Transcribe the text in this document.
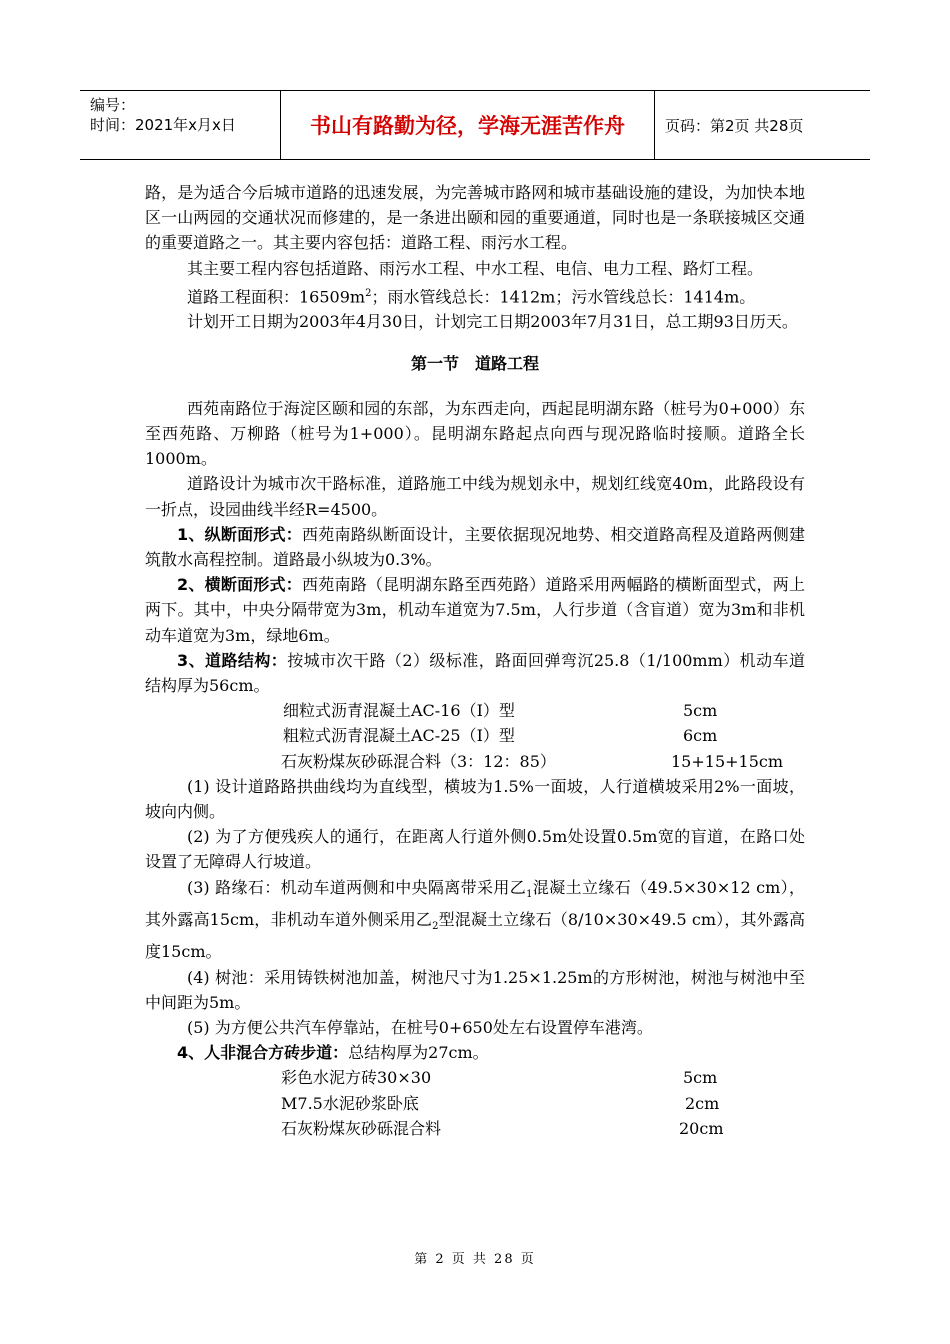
编号：
时间：2021年x月x日	书山有路勤为径，学海无涯苦作舟	页码：第2页 共28页

路，是为适合今后城市道路的迅速发展，为完善城市路网和城市基础设施的建设，为加快本地区一山两园的交通状况而修建的，是一条进出颐和园的重要通道，同时也是一条联接城区交通的重要道路之一。其主要内容包括：道路工程、雨污水工程。

其主要工程内容包括道路、雨污水工程、中水工程、电信、电力工程、路灯工程。

道路工程面积：$16509m^2$；雨水管线总长：1412m；污水管线总长：1414m。

计划开工日期为2003年4月30日，计划完工日期2003年7月31日，总工期93日历天。

第一节　道路工程

西苑南路位于海淀区颐和园的东部，为东西走向，西起昆明湖东路（桩号为0+000）东至西苑路、万柳路（桩号为1+000）。昆明湖东路起点向西与现况路临时接顺。道路全长1000m。

道路设计为城市次干路标准，道路施工中线为规划永中，规划红线宽40m，此路段设有一折点，设园曲线半经R=4500。

1、纵断面形式：西苑南路纵断面设计，主要依据现况地势、相交道路高程及道路两侧建筑散水高程控制。道路最小纵坡为0.3%。

2、横断面形式：西苑南路（昆明湖东路至西苑路）道路采用两幅路的横断面型式，两上两下。其中，中央分隔带宽为3m，机动车道宽为7.5m，人行步道（含盲道）宽为3m和非机动车道宽为3m，绿地6m。

3、道路结构：按城市次干路（2）级标准，路面回弹弯沉25.8（1/100mm）机动车道结构厚为56cm。

细粒式沥青混凝土AC-16（Ⅰ）型	5cm
粗粒式沥青混凝土AC-25（Ⅰ）型	6cm
石灰粉煤灰砂砾混合料（3：12：85）	15+15+15cm

(1) 设计道路路拱曲线均为直线型，横坡为1.5%一面坡，人行道横坡采用2%一面坡，坡向内侧。

(2) 为了方便残疾人的通行，在距离人行道外侧0.5m处设置0.5m宽的盲道，在路口处设置了无障碍人行坡道。

(3) 路缘石：机动车道两侧和中央隔离带采用乙$_1$混凝土立缘石（49.5×30×12 cm），其外露高15cm，非机动车道外侧采用乙$_2$型混凝土立缘石（8/10×30×49.5 cm），其外露高度15cm。

(4) 树池：采用铸铁树池加盖，树池尺寸为1.25×1.25m的方形树池，树池与树池中至中间距为5m。

(5) 为方便公共汽车停靠站，在桩号0+650处左右设置停车港湾。

4、人非混合方砖步道：总结构厚为27cm。

彩色水泥方砖30×30	5cm
M7.5水泥砂浆卧底	2cm
石灰粉煤灰砂砾混合料	20cm
第 2 页 共 28 页
